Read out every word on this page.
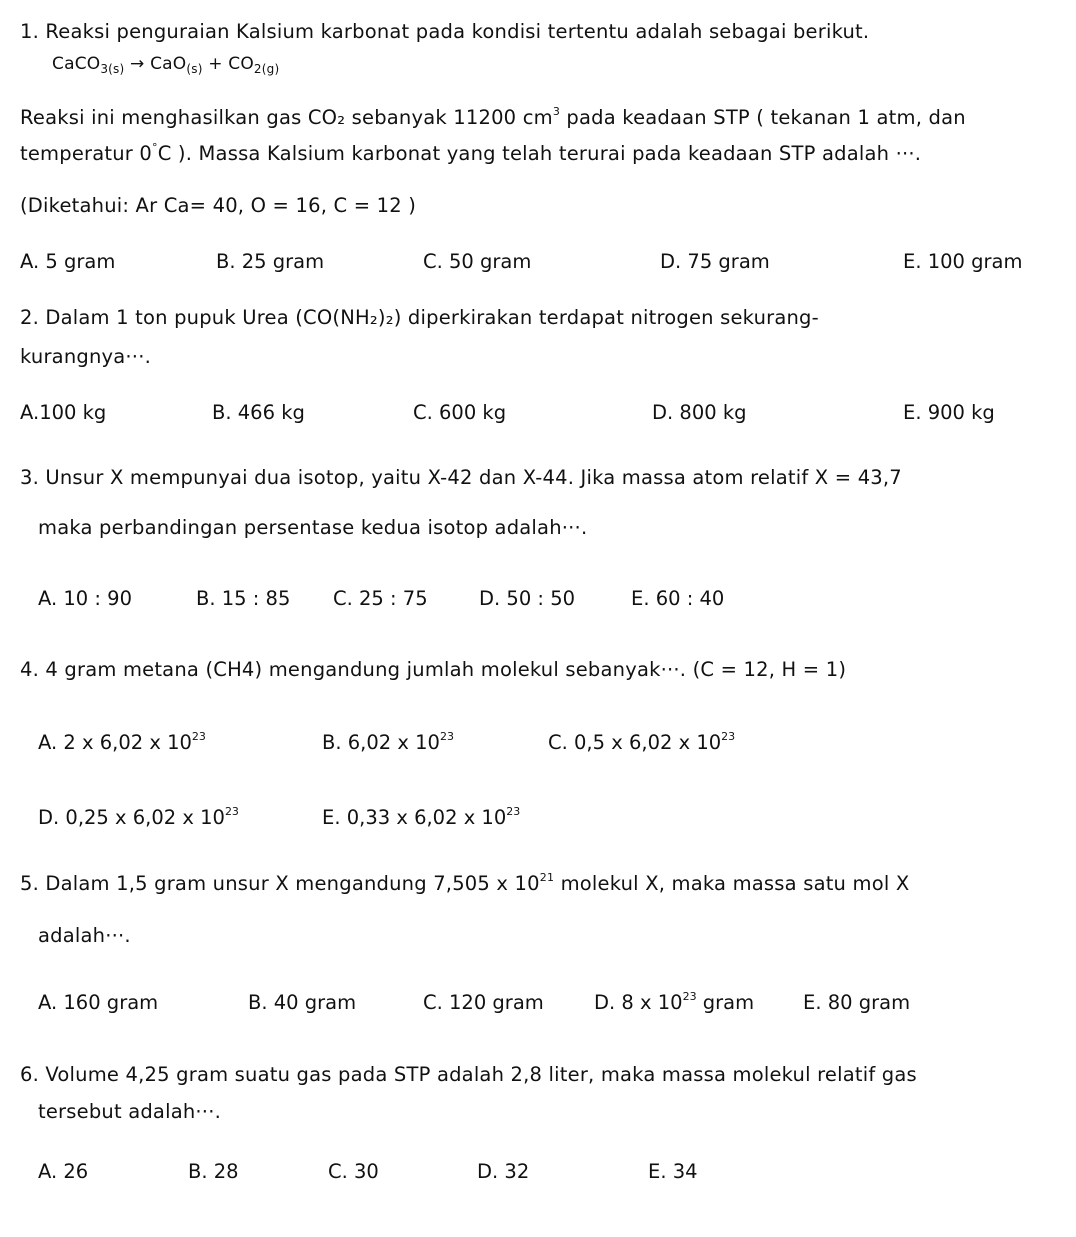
1. Reaksi penguraian Kalsium karbonat pada kondisi tertentu adalah sebagai berikut.
CaCO$_{3(s)}$ → $CaO_{(s)} + CO_{2(g)}$
Reaksi ini menghasilkan gas CO₂ sebanyak 11200 $cm^3$ pada keadaan STP ( tekanan 1 atm, dan
temperatur 0°C ). Massa Kalsium karbonat yang telah terurai pada keadaan STP adalah ···.
(Diketahui: Ar Ca= 40, O = 16, C = 12 )
A. 5 gram	B. 25 gram	C. 50 gram	D. 75 gram	E. 100 gram
2. Dalam 1 ton pupuk Urea (CO(NH₂)₂) diperkirakan terdapat nitrogen sekurang-
kurangnya···.
A.100 kg	B. 466 kg	C. 600 kg	D. 800 kg	E. 900 kg
3. Unsur X mempunyai dua isotop, yaitu X-42 dan X-44. Jika massa atom relatif X = 43,7
maka perbandingan persentase kedua isotop adalah···.
A. 10 : 90	B. 15 : 85 C. 25 : 75	D. 50 : 50	E. 60 : 40
4. 4 gram metana (CH4) mengandung jumlah molekul sebanyak···. (C = 12, H = 1)
A. 2 x 6,02 x $10^{23}$	B. 6,02 x $10^{23}$	C. 0,5 x 6,02 x $10^{23}$
D. 0,25 x 6,02 x $10^{23}$	E. 0,33 x 6,02 x $10^{23}$
5. Dalam 1,5 gram unsur X mengandung 7,505 x $10^{21}$ molekul X, maka massa satu mol X
adalah···.
A. 160 gram	B. 40 gram	C. 120 gram	D. 8 x $10^{23}$ gram	E. 80 gram
6. Volume 4,25 gram suatu gas pada STP adalah 2,8 liter, maka massa molekul relatif gas
tersebut adalah···.
A. 26	B. 28	C. 30	D. 32	E. 34
